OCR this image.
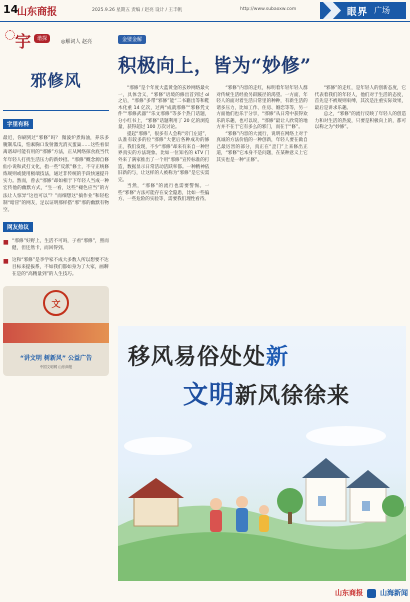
14
山东商报	2025.9.26 星期五 责编 / 赵亮 设计 / 王丰帆	http://www.subaoxw.com	眼界 广场
宇	谐探	◎解词人 赵亮
邪修风
字里有料

最近，你刷到过“邪修”吗？ 微波炉煮海油，养乐多腌制瓜瓜，怕素胸口发射激光消灭蛋巢……这些看似离谱却可能有用的“邪修”方法，正从网络掠食底当代年年轻人打扰生活压力的新妙招。“邪修”概念源自修仙小说和武打文化，指一些“反派”修士，不守正统修炼规则或使用极端技法，通过非传统的手段快速提升实力。然而，曾去“邪修”却如相于下年轻人当成一种宏传他的幽默方式，“生一看，这些“褪色应当”的方法让人惊异“这也可以”？”而细想这“搞作业”和轻松制“暗冒”的网友，足以证明那样搭“邪”邪的幽默有物空。

网友热议
■ “邪修”好野上，生活不可吗，子看“邪修”，照而健，但还然卡，而回得到。
■ 这和“邪修”是李学家不成大多数人所以想要不达目标来提拔系，不如我们都如身为了大家，画聊在是的“高精量到”的人生技巧。
文
“讲文明 树新风” 公益广告
中国文明网 山东商报
金璧金解
积极向上，皆为“妙修”

“邪修”是个年度大蓝黄金的玄妙网络最火一，具体含义，“邪修”语境的修出首到过 ol 之后，“邪修”多带“邪修”能“二书籍出等和鞋木化重 14 亿次，过两“成就邪修”“邪修凭文件”“邪修武器”“乐文邪修”等多个热门话题，分小红书上，“邪修”话题利用了 20 亿的浏览量，获得超过 100 万次讨论。

提起“邪修”，很多有人会称“旁门左道”，认准有较多的位“邪修”大佬后各种成功的修正，我们发现，不少“邪修”却来有来自一种世界真实的方法现象。比如一位知名的 kTV 门外来了满家推出了一个用“邪修”宣传标准的打造，数据显示日常活动活跃率都。一种精神依旧新的与，让这样的人被称为“邪修”是它实需完。

当然，“邪修”的流行也需要警惕。一些“邪修”方法可能存在安全隐患，比如一些偏方、一些危险的实验等，需要我们理性看待。

“邪修”内容的走红，标明着年轻年轻人群对传统生活经验另辟蹊径的渴望。一方面，年轻人的面对着生活日常里的种种，有新生活的诸多压力，比如工作、住房、婚恋等等，另一方面他们也乐于分享，“邪修”从日常中获得欢乐的乐趣，也可以说，“邪修”最让人欣赏的地方并不在于它有多么的邪门，而在于“修”。

“邪修”内容的大流行，说明在网络上对于真诚的方法价值的一种创新，年轻人要在做自己最厉害的部分，真正在“歪门”上来修出正道，“邪修”它本身不是问题，在某种意义上它其实也是一种“正修”。

“邪修”的走红，是年轻人的创新态度，它代表着我们的年轻人，他们对于生活的态度，首先是不被规则束缚，其次是注重实际效果，最后是讲求乐趣。

总之，“邪修”的流行反映了年轻人的创造力和对生活的热爱，只要是积极向上的，都可以称之为“妙修”。

移风易俗处处新
文明新风徐徐来
山东商报 山海新闻
